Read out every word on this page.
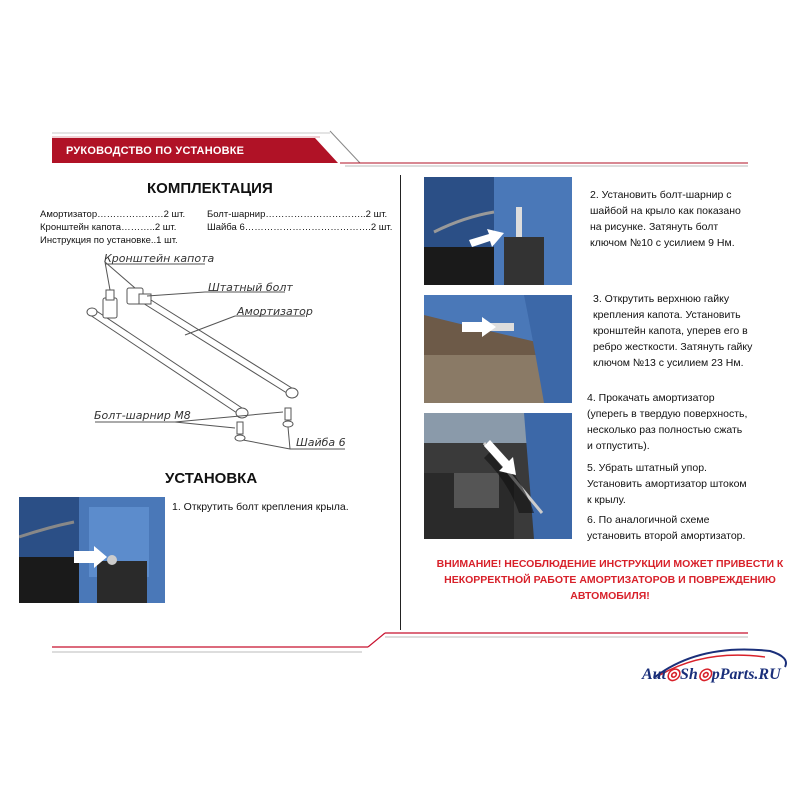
РУКОВОДСТВО ПО УСТАНОВКЕ
КОМПЛЕКТАЦИЯ
Амортизатор…………………2 шт.
Кронштейн капота………..2 шт.
Инструкция по установке..1 шт.
Болт-шарнир…………………………..2 шт.
Шайба 6………………………………….2 шт.
Кронштейн капота
Штатный болт
Амортизатор
Болт-шарнир М8
Шайба 6
УСТАНОВКА
1. Открутить болт крепления крыла.
2. Установить болт-шарнир с
шайбой на крыло как показано
на рисунке. Затянуть болт
ключом №10 с усилием 9 Нм.
3. Открутить верхнюю гайку
крепления капота. Установить
кронштейн капота, уперев его в
ребро жесткости. Затянуть гайку
ключом №13 с усилием 23 Нм.
4. Прокачать амортизатор
(уперегь в твердую поверхность,
несколько раз полностью сжать
и отпустить).
5. Убрать штатный упор.
Установить амортизатор штоком
к крылу.
6. По аналогичной схеме
установить второй амортизатор.
ВНИМАНИЕ! НЕСОБЛЮДЕНИЕ ИНСТРУКЦИИ МОЖЕТ ПРИВЕСТИ К
НЕКОРРЕКТНОЙ РАБОТЕ АМОРТИЗАТОРОВ И ПОВРЕЖДЕНИЮ
АВТОМОБИЛЯ!
Aut◎Sh◎pParts.RU
